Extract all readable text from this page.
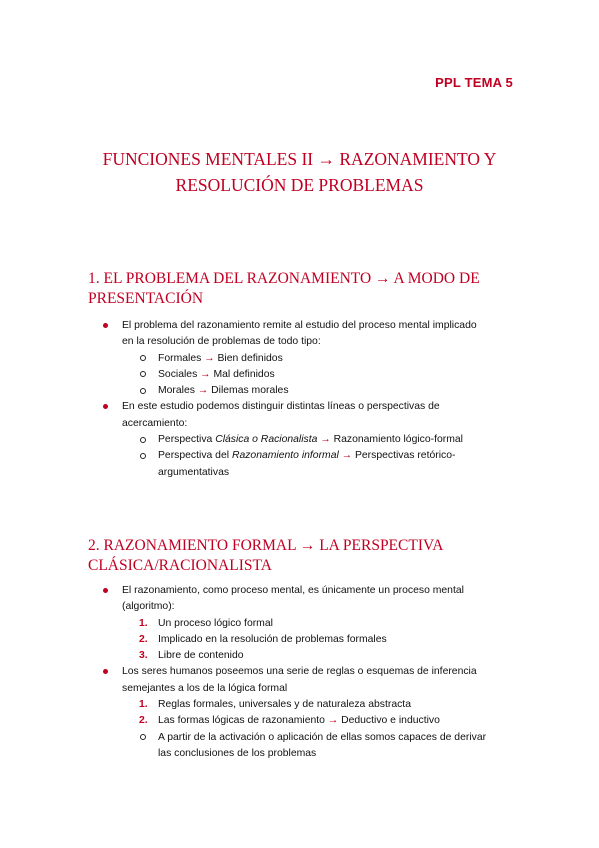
PPL TEMA 5
FUNCIONES MENTALES II → RAZONAMIENTO Y
RESOLUCIÓN DE PROBLEMAS
1. EL PROBLEMA DEL RAZONAMIENTO → A MODO DE
PRESENTACIÓN
El problema del razonamiento remite al estudio del proceso mental implicado
en la resolución de problemas de todo tipo:
Formales → Bien definidos
Sociales → Mal definidos
Morales → Dilemas morales
En este estudio podemos distinguir distintas líneas o perspectivas de
acercamiento:
Perspectiva Clásica o Racionalista → Razonamiento lógico-formal
Perspectiva del Razonamiento informal → Perspectivas retórico-
argumentativas
2. RAZONAMIENTO FORMAL → LA PERSPECTIVA
CLÁSICA/RACIONALISTA
El razonamiento, como proceso mental, es únicamente un proceso mental
(algoritmo):
1. Un proceso lógico formal
2. Implicado en la resolución de problemas formales
3. Libre de contenido
Los seres humanos poseemos una serie de reglas o esquemas de inferencia
semejantes a los de la lógica formal
1. Reglas formales, universales y de naturaleza abstracta
2. Las formas lógicas de razonamiento → Deductivo e inductivo
A partir de la activación o aplicación de ellas somos capaces de derivar
las conclusiones de los problemas
